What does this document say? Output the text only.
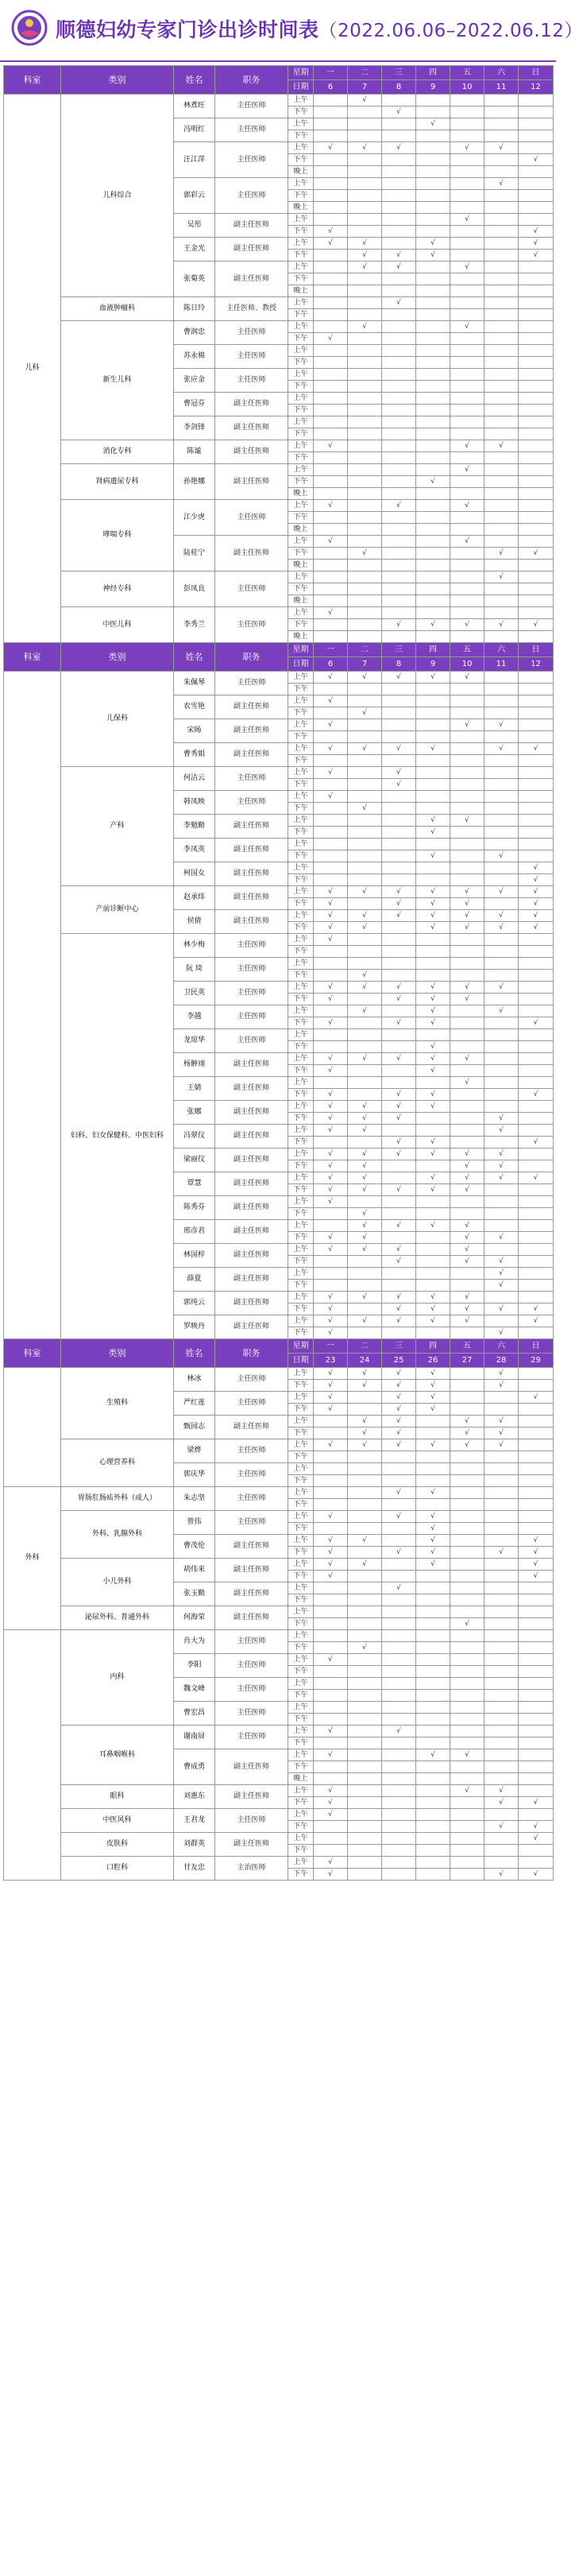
顺德妇幼专家门诊出诊时间表（2022.06.06–2022.06.12）
科室	类别	姓名	职务	星期	一	二	三	四	五	六	日
				日期	6	7	8	9	10	11	12
儿科	儿科综合	林煮旺	主任医师	上午		√					
				下午			√				
		冯明红	主任医师	上午				√			
				下午							
		汪江萍	主任医师	上午	√	√	√		√	√	
				下午							√
				晚上							
		郭彩云	主任医师	上午						√	
				下午							
				晚上							
		吴彤	副主任医师	上午					√		
				下午	√						√
		王金光	副主任医师	上午	√	√		√			√
				下午		√	√	√			√
		张菊英	副主任医师	上午		√	√		√		
				下午							
				晚上							
	血液肿瘤科	陈日玲	主任医师、教授	上午			√				
				下午							
	新生儿科	曹润忠	主任医师	上午		√			√		
				下午	√						
		苏永棉	主任医师	上午							
				下午							
		张应金	主任医师	上午							
				下午							
		曹冠芬	副主任医师	上午							
				下午							
		李剑锋	副主任医师	上午							
				下午							
	消化专科	陈谧	副主任医师	上午	√				√	√	
				下午							
	肾病遗尿专科	孙艳娜	副主任医师	上午					√		
				下午				√			
				晚上							
	哮喘专科	江少虎	主任医师	上午	√		√		√		
				下午							
				晚上							
		陆桂宁	副主任医师	上午	√				√		
				下午		√				√	√
				晚上							
	神经专科	彭凤良	主任医师	上午						√	
				下午							
				晚上							
	中医儿科	李秀兰	主任医师	上午	√						
				下午			√	√	√	√	√
				晚上							
科室	类别	姓名	职务	星期	一	二	三	四	五	六	日
				日期	6	7	8	9	10	11	12
	儿保科	朱佩琴	主任医师	上午	√	√	√	√	√		
				下午							
		农雪艳	副主任医师	上午	√						
				下午		√					
		宋旸	副主任医师	上午	√				√	√	
				下午							
		曹秀娟	副主任医师	上午	√	√	√	√		√	√
				下午							
	产科	何洁云	主任医师	上午	√		√				
				下午			√				
		韩凤映	主任医师	上午	√						
				下午		√					
		李勉勤	副主任医师	上午				√	√		
				下午				√			
		李凤英	副主任医师	上午							
				下午				√		√	
		柯国女	副主任医师	上午							√
				下午							√
	产前诊断中心	赵承炜	副主任医师	上午	√	√	√	√	√	√	√
				下午	√		√	√	√		√
		侯倩	副主任医师	上午	√	√	√	√	√	√	√
				下午	√	√		√	√	√	√
	妇科、妇女保健科、中医妇科	林少梅	主任医师	上午	√						
				下午							
		阮 琦	主任医师	上午							
				下午		√					
		卫民英	主任医师	上午	√	√	√	√	√	√	
				下午	√		√	√	√		
		李越	主任医师	上午		√		√		√	
				下午	√		√	√			√
		龙琼华	主任医师	上午							
				下午				√			
		杨翀翊	副主任医师	上午	√	√	√	√	√		
				下午	√			√			
		王婧	副主任医师	上午					√		
				下午	√		√	√			√
		张娜	副主任医师	上午	√	√	√	√			
				下午	√	√	√			√	
		冯翠仪	副主任医师	上午	√	√				√	
				下午			√	√			√
		梁丽仪	副主任医师	上午	√	√	√	√	√	√	
				下午	√	√			√	√	
		覃慧	副主任医师	上午	√	√		√	√	√	√
				下午	√	√	√	√	√		
		陈秀芬	副主任医师	上午	√						
				下午		√					
		邢彦君	副主任医师	上午		√	√	√	√		
				下午	√	√			√	√	
		林国梓	副主任医师	上午	√	√	√		√		
				下午			√		√	√	
		薛夏	副主任医师	上午						√	
				下午						√	
		郭纯云	副主任医师	上午	√	√	√	√	√		
				下午	√		√	√	√	√	√
		罗映丹	副主任医师	上午	√	√	√	√	√		√
				下午	√					√	
科室	类别	姓名	职务	星期	一	二	三	四	五	六	日
				日期	23	24	25	26	27	28	29
	生殖科	林冰	主任医师	上午	√	√	√	√		√	
				下午	√	√	√	√		√	
		严红莲	主任医师	上午	√		√	√			√
				下午	√		√	√			
		甄园志	副主任医师	上午		√	√		√	√	
				下午		√	√		√	√	
	心理营养科	梁烨	主任医师	上午	√	√	√	√	√	√	
				下午							
		郭庆华	主任医师	上午							
				下午							
外科	胃肠肛肠疝外科（成人）	朱志坚	主任医师	上午			√	√			
				下午							
	外科、乳腺外科	曾伟	主任医师	上午	√		√	√			
				下午				√			
		曹茂伦	副主任医师	上午	√	√		√			√
				下午	√		√	√		√	√
	小儿外科	胡伟来	副主任医师	上午	√	√		√			√
				下午	√						√
		张玉勤	副主任医师	上午			√				
				下午							
	泌尿外科、普通外科	何海荣	副主任医师	上午							
				下午					√		
	内科	肖大为	主任医师	上午							
				下午		√					
		李阳	主任医师	上午	√						
				下午							
		魏文峰	主任医师	上午							
				下午							
		曹宏昌	主任医师	上午							
				下午							
	耳鼻咽喉科	谢南屏	主任医师	上午	√		√				
				下午							
		曹成勇	副主任医师	上午	√			√	√		
				下午							
				晚上							
	眼科	刘惠东	副主任医师	上午	√				√	√	
				下午	√					√	√
	中医风科	王君龙	主任医师	上午	√						
				下午						√	√
	皮肤科	刘群英	副主任医师	上午							√
				下午							
	口腔科	甘友忠	主治医师	上午	√						
				下午	√					√	√
